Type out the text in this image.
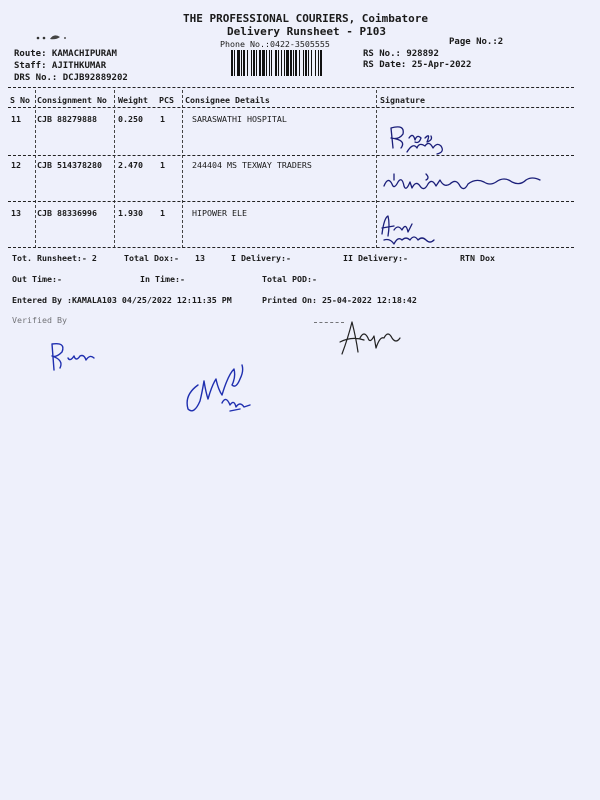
THE PROFESSIONAL COURIERS, Coimbatore
Delivery Runsheet - P103
Phone No.:0422-3505555	Page No.:2
Route: KAMACHIPURAM
Staff: AJITHKUMAR
DRS No.: DCJB92889202
RS No.: 928892
RS Date: 25-Apr-2022
S No Consignment No Weight PCS Consignee Details	Signature
11 CJB 88279888	0.250 1	SARASWATHI HOSPITAL
12 CJB 514378280 2.470 1	244404 MS TEXWAY TRADERS
13 CJB 88336996	1.930 1	HIPOWER ELE
Tot. Runsheet:- 2	Total Dox:- 13	I Delivery:-	II Delivery:-	RTN Dox
Out Time:-	In Time:-	Total POD:-
Entered By :KAMALA103 04/25/2022 12:11:35 PM	Printed On: 25-04-2022 12:18:42
Verified By
